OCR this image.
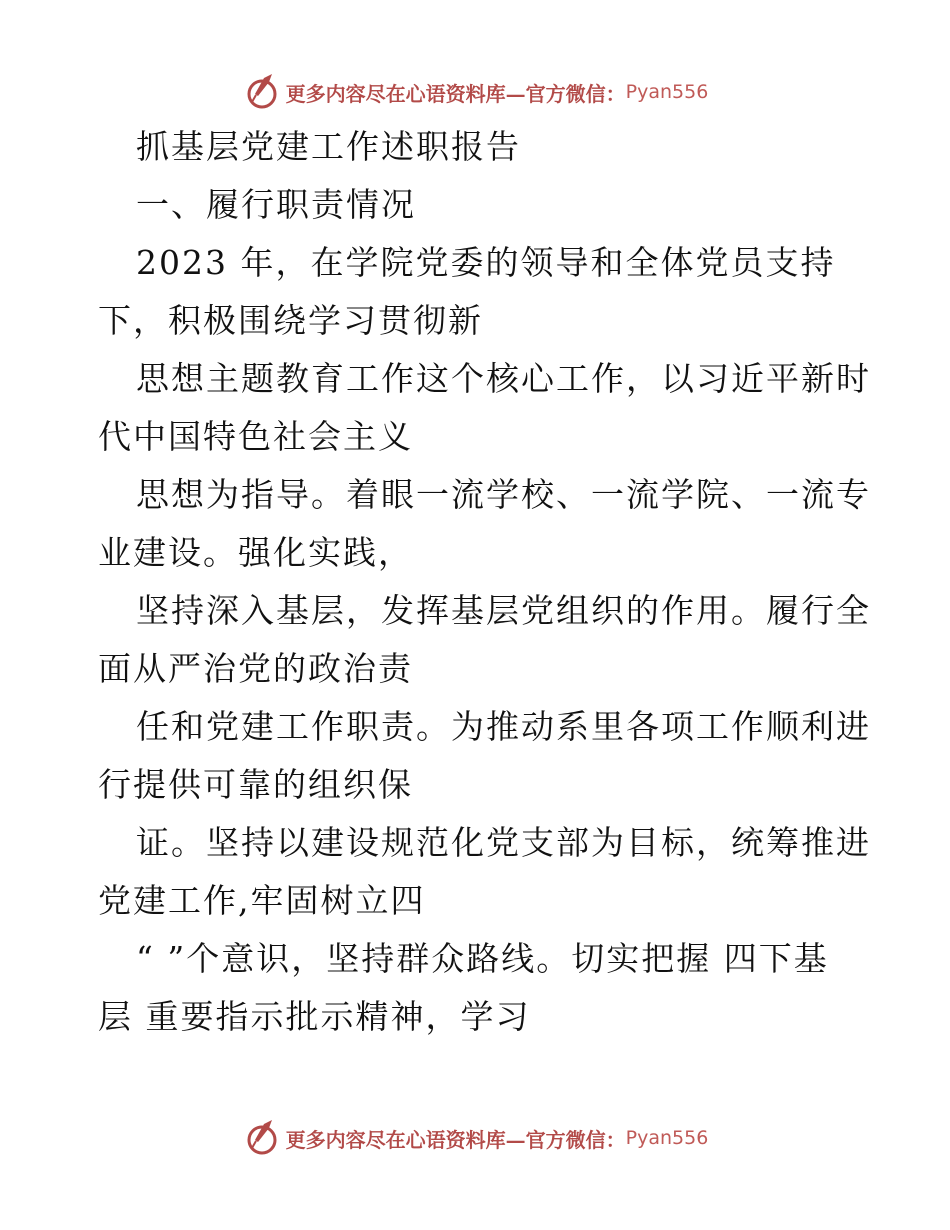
更多内容尽在心语资料库—官方微信： Pyan556
抓基层党建工作述职报告
一、履行职责情况
2023 年，在学院党委的领导和全体党员支持
下，积极围绕学习贯彻新
思想主题教育工作这个核心工作，以习近平新时
代中国特色社会主义
思想为指导。着眼一流学校、一流学院、一流专
业建设。强化实践，
坚持深入基层，发挥基层党组织的作用。履行全
面从严治党的政治责
任和党建工作职责。为推动系里各项工作顺利进
行提供可靠的组织保
证。坚持以建设规范化党支部为目标，统筹推进
党建工作,牢固树立四
“ ”个意识，坚持群众路线。切实把握 四下基
层 重要指示批示精神，学习
更多内容尽在心语资料库—官方微信： Pyan556
